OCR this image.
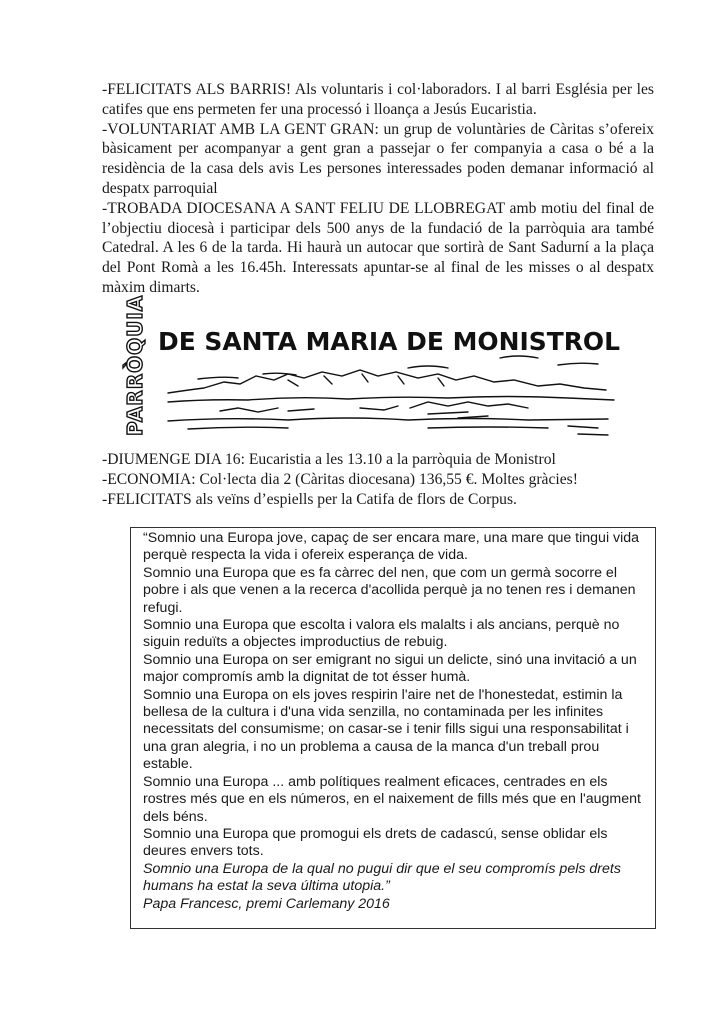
-FELICITATS ALS BARRIS! Als voluntaris i col·laboradors. I al barri Església per les catifes que ens permeten fer una processó i lloança a Jesús Eucaristia.

-VOLUNTARIAT AMB LA GENT GRAN: un grup de voluntàries de Càritas s’ofereix bàsicament per acompanyar a gent gran a passejar o fer companyia a casa o bé a la residència de la casa dels avis Les persones interessades poden demanar informació al despatx parroquial

-TROBADA DIOCESANA A SANT FELIU DE LLOBREGAT amb motiu del final de l’objectiu diocesà i participar dels 500 anys de la fundació de la parròquia ara també Catedral. A les 6 de la tarda. Hi haurà un autocar que sortirà de Sant Sadurní a la plaça del Pont Romà a les 16.45h. Interessats apuntar-se al final de les misses o al despatx màxim dimarts.

PARRÒQUIA DE SANTA MARIA DE MONISTROL

-DIUMENGE DIA 16: Eucaristia a les 13.10 a la parròquia de Monistrol

-ECONOMIA: Col·lecta dia 2 (Càritas diocesana) 136,55 €. Moltes gràcies!

-FELICITATS als veïns d’espiells per la Catifa de flors de Corpus.

“Somnio una Europa jove, capaç de ser encara mare, una mare que tingui vida perquè respecta la vida i ofereix esperança de vida.

Somnio una Europa que es fa càrrec del nen, que com un germà socorre el pobre i als que venen a la recerca d'acollida perquè ja no tenen res i demanen refugi.

Somnio una Europa que escolta i valora els malalts i als ancians, perquè no siguin reduïts a objectes improductius de rebuig.

Somnio una Europa on ser emigrant no sigui un delicte, sinó una invitació a un major compromís amb la dignitat de tot ésser humà.

Somnio una Europa on els joves respirin l'aire net de l'honestedat, estimin la bellesa de la cultura i d'una vida senzilla, no contaminada per les infinites necessitats del consumisme; on casar-se i tenir fills sigui una responsabilitat i una gran alegria, i no un problema a causa de la manca d'un treball prou estable.

Somnio una Europa ... amb polítiques realment eficaces, centrades en els rostres més que en els números, en el naixement de fills més que en l'augment dels béns.

Somnio una Europa que promogui els drets de cadascú, sense oblidar els deures envers tots.

Somnio una Europa de la qual no pugui dir que el seu compromís pels drets humans ha estat la seva última utopia.”

Papa Francesc, premi Carlemany 2016
